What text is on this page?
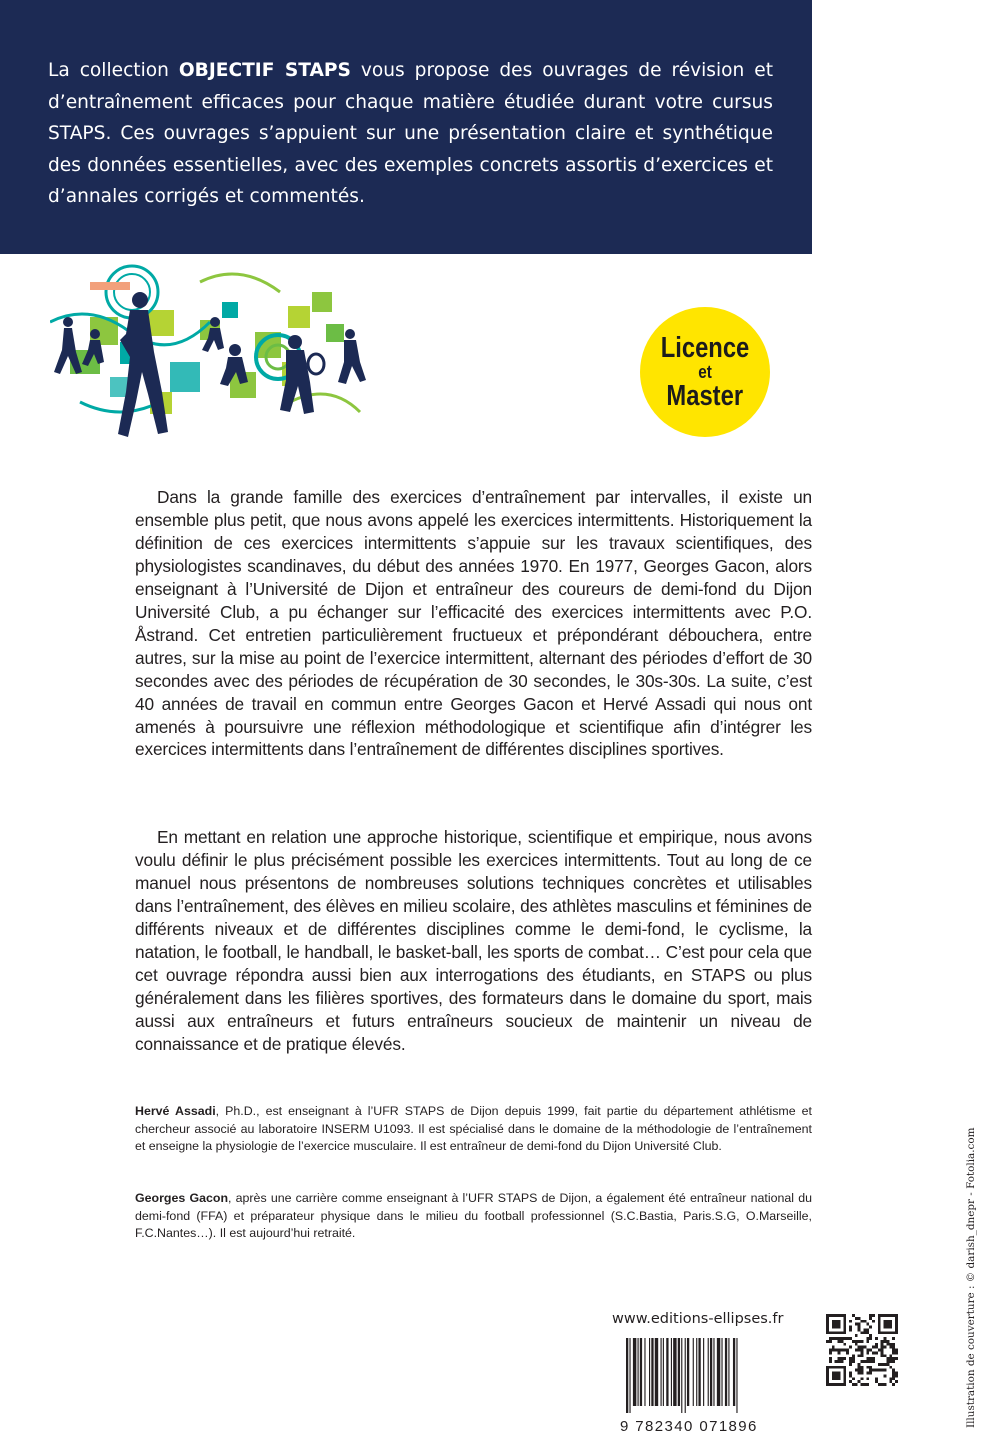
La collection OBJECTIF STAPS vous propose des ouvrages de révision et d’entraînement efficaces pour chaque matière étudiée durant votre cursus STAPS. Ces ouvrages s’appuient sur une présentation claire et synthétique des données essentielles, avec des exemples concrets assortis d’exercices et d’annales corrigés et commentés.

Licence
et
Master

Dans la grande famille des exercices d’entraînement par intervalles, il existe un ensemble plus petit, que nous avons appelé les exercices intermittents. Historiquement la définition de ces exercices intermittents s’appuie sur les travaux scientifiques, des physiologistes scandinaves, du début des années 1970. En 1977, Georges Gacon, alors enseignant à l’Université de Dijon et entraîneur des coureurs de demi-fond du Dijon Université Club, a pu échanger sur l’efficacité des exercices intermittents avec P.O. Åstrand. Cet entretien particulièrement fructueux et prépondérant débouchera, entre autres, sur la mise au point de l’exercice intermittent, alternant des périodes d’effort de 30 secondes avec des périodes de récupération de 30 secondes, le 30s-30s. La suite, c’est 40 années de travail en commun entre Georges Gacon et Hervé Assadi qui nous ont amenés à poursuivre une réflexion méthodologique et scientifique afin d’intégrer les exercices intermittents dans l’entraînement de différentes disciplines sportives.

En mettant en relation une approche historique, scientifique et empirique, nous avons voulu définir le plus précisément possible les exercices intermittents. Tout au long de ce manuel nous présentons de nombreuses solutions techniques concrètes et utilisables dans l’entraînement, des élèves en milieu scolaire, des athlètes masculins et féminines de différents niveaux et de différentes disciplines comme le demi-fond, le cyclisme, la natation, le football, le handball, le basket-ball, les sports de combat… C’est pour cela que cet ouvrage répondra aussi bien aux interrogations des étudiants, en STAPS ou plus généralement dans les filières sportives, des formateurs dans le domaine du sport, mais aussi aux entraîneurs et futurs entraîneurs soucieux de maintenir un niveau de connaissance et de pratique élevés.

Hervé Assadi, Ph.D., est enseignant à l’UFR STAPS de Dijon depuis 1999, fait partie du département athlétisme et chercheur associé au laboratoire INSERM U1093. Il est spécialisé dans le domaine de la méthodologie de l’entraînement et enseigne la physiologie de l’exercice musculaire. Il est entraîneur de demi-fond du Dijon Université Club.

Georges Gacon, après une carrière comme enseignant à l’UFR STAPS de Dijon, a également été entraîneur national du demi-fond (FFA) et préparateur physique dans le milieu du football professionnel (S.C.Bastia, Paris.S.G, O.Marseille, F.C.Nantes…). Il est aujourd’hui retraité.

www.editions-ellipses.fr
9 782340 071896	Illustration de couverture : © darish_dnepr - Fotolia.com
